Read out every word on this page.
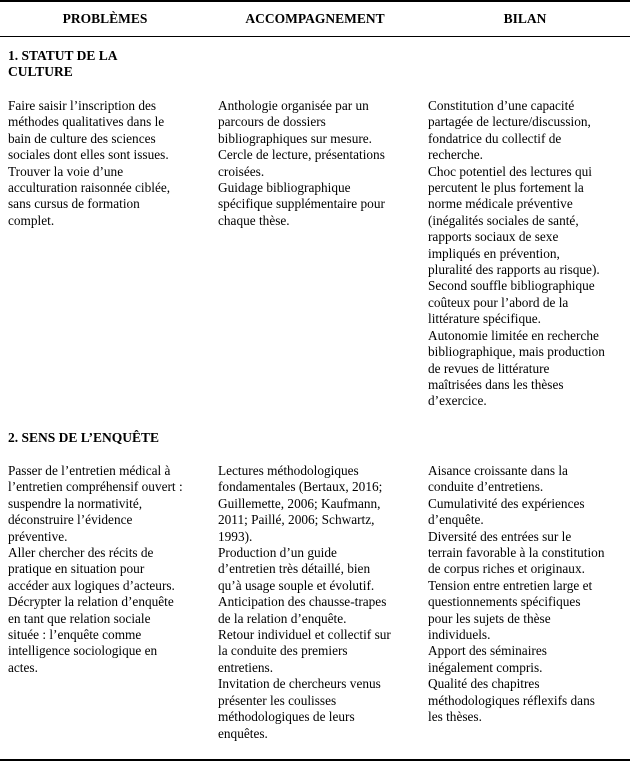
PROBLÈMES	ACCOMPAGNEMENT	BILAN
1. STATUT DE LA
CULTURE
Faire saisir l’inscription des
méthodes qualitatives dans le
bain de culture des sciences
sociales dont elles sont issues.
Trouver la voie d’une
acculturation raisonnée ciblée,
sans cursus de formation
complet.
Anthologie organisée par un
parcours de dossiers
bibliographiques sur mesure.
Cercle de lecture, présentations
croisées.
Guidage bibliographique
spécifique supplémentaire pour
chaque thèse.
Constitution d’une capacité
partagée de lecture/discussion,
fondatrice du collectif de
recherche.
Choc potentiel des lectures qui
percutent le plus fortement la
norme médicale préventive
(inégalités sociales de santé,
rapports sociaux de sexe
impliqués en prévention,
pluralité des rapports au risque).
Second souffle bibliographique
coûteux pour l’abord de la
littérature spécifique.
Autonomie limitée en recherche
bibliographique, mais production
de revues de littérature
maîtrisées dans les thèses
d’exercice.
2. SENS DE L’ENQUÊTE
Passer de l’entretien médical à
l’entretien compréhensif ouvert :
suspendre la normativité,
déconstruire l’évidence
préventive.
Aller chercher des récits de
pratique en situation pour
accéder aux logiques d’acteurs.
Décrypter la relation d’enquête
en tant que relation sociale
située : l’enquête comme
intelligence sociologique en
actes.
Lectures méthodologiques
fondamentales (Bertaux, 2016;
Guillemette, 2006; Kaufmann,
2011; Paillé, 2006; Schwartz,
1993).
Production d’un guide
d’entretien très détaillé, bien
qu’à usage souple et évolutif.
Anticipation des chausse-trapes
de la relation d’enquête.
Retour individuel et collectif sur
la conduite des premiers
entretiens.
Invitation de chercheurs venus
présenter les coulisses
méthodologiques de leurs
enquêtes.
Aisance croissante dans la
conduite d’entretiens.
Cumulativité des expériences
d’enquête.
Diversité des entrées sur le
terrain favorable à la constitution
de corpus riches et originaux.
Tension entre entretien large et
questionnements spécifiques
pour les sujets de thèse
individuels.
Apport des séminaires
inégalement compris.
Qualité des chapitres
méthodologiques réflexifs dans
les thèses.
